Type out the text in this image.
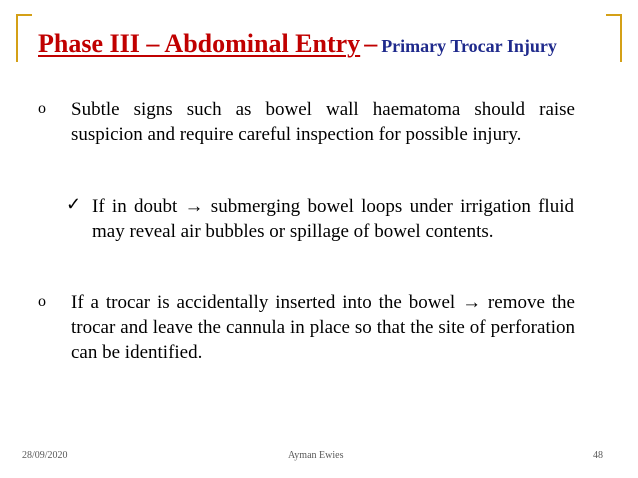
Phase III – Abdominal Entry – Primary Trocar Injury
o Subtle signs such as bowel wall haematoma should raise suspicion and require careful inspection for possible injury.
✓ If in doubt → submerging bowel loops under irrigation fluid may reveal air bubbles or spillage of bowel contents.
o If a trocar is accidentally inserted into the bowel → remove the trocar and leave the cannula in place so that the site of perforation can be identified.
28/09/2020	Ayman Ewies	48
